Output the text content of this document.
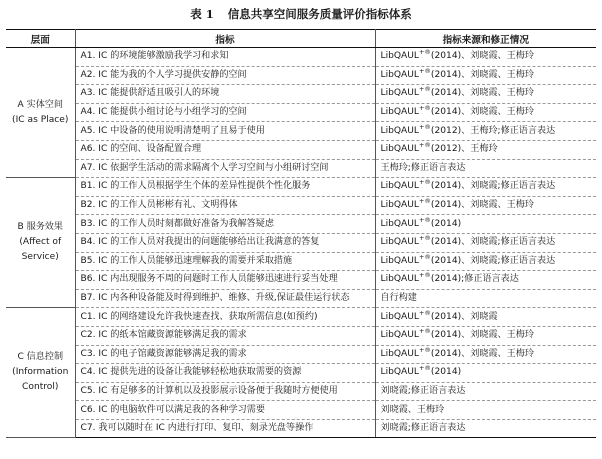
表 1 信息共享空间服务质量评价指标体系
层面	指标	指标来源和修正情况

A 实体空间
(IC as Place)	A1. IC 的环境能够激励我学习和求知	LibQAUL+®(2014)、刘晓霞、王梅玲
	A2. IC 能为我的个人学习提供安静的空间	LibQAUL+®(2014)、刘晓霞、王梅玲
	A3. IC 能提供舒适且吸引人的环境	LibQAUL+®(2014)、刘晓霞、王梅玲
	A4. IC 能提供小组讨论与小组学习的空间	LibQAUL+®(2014)、刘晓霞、王梅玲
	A5. IC 中设备的使用说明清楚明了且易于使用	LibQAUL+®(2012)、王梅玲;修正语言表达
	A6. IC 的空间、设备配置合理	LibQAUL+®(2012)、王梅玲
	A7. IC 依据学生活动的需求隔离个人学习空间与小组研讨空间	王梅玲;修正语言表达

B 服务效果
(Affect of Service)	B1. IC 的工作人员根据学生个体的差异性提供个性化服务	LibQAUL+®(2014)、刘晓霞;修正语言表达
	B2. IC 的工作人员彬彬有礼、文明得体	LibQAUL+®(2014)、刘晓霞、王梅玲
	B3. IC 的工作人员时刻都做好准备为我解答疑虑	LibQAUL+®(2014)
	B4. IC 的工作人员对我提出的问题能够给出让我满意的答复	LibQAUL+®(2014)、刘晓霞;修正语言表达
	B5. IC 的工作人员能够迅速理解我的需要并采取措施	LibQAUL+®(2014)、刘晓霞;修正语言表达
	B6. IC 内出现服务不周的问题时工作人员能够迅速进行妥当处理	LibQAUL+®(2014);修正语言表达
	B7. IC 内各种设备能及时得到维护、维修、升级,保证最佳运行状态	自行构建

C 信息控制
(Information Control)	C1. IC 的网络建设允许我快速查找、获取所需信息(如预约)	LibQAUL+®(2014)、刘晓霞
	C2. IC 的纸本馆藏资源能够满足我的需求	LibQAUL+®(2014)、刘晓霞、王梅玲
	C3. IC 的电子馆藏资源能够满足我的需求	LibQAUL+®(2014)、刘晓霞、王梅玲
	C4. IC 提供先进的设备让我能够轻松地获取需要的资源	LibQAUL+®(2014)
	C5. IC 有足够多的计算机以及投影展示设备便于我随时方便使用	刘晓霞;修正语言表达
	C6. IC 的电脑软件可以满足我的各种学习需要	刘晓霞、王梅玲
	C7. 我可以随时在 IC 内进行打印、复印、刻录光盘等操作	刘晓霞;修正语言表达
